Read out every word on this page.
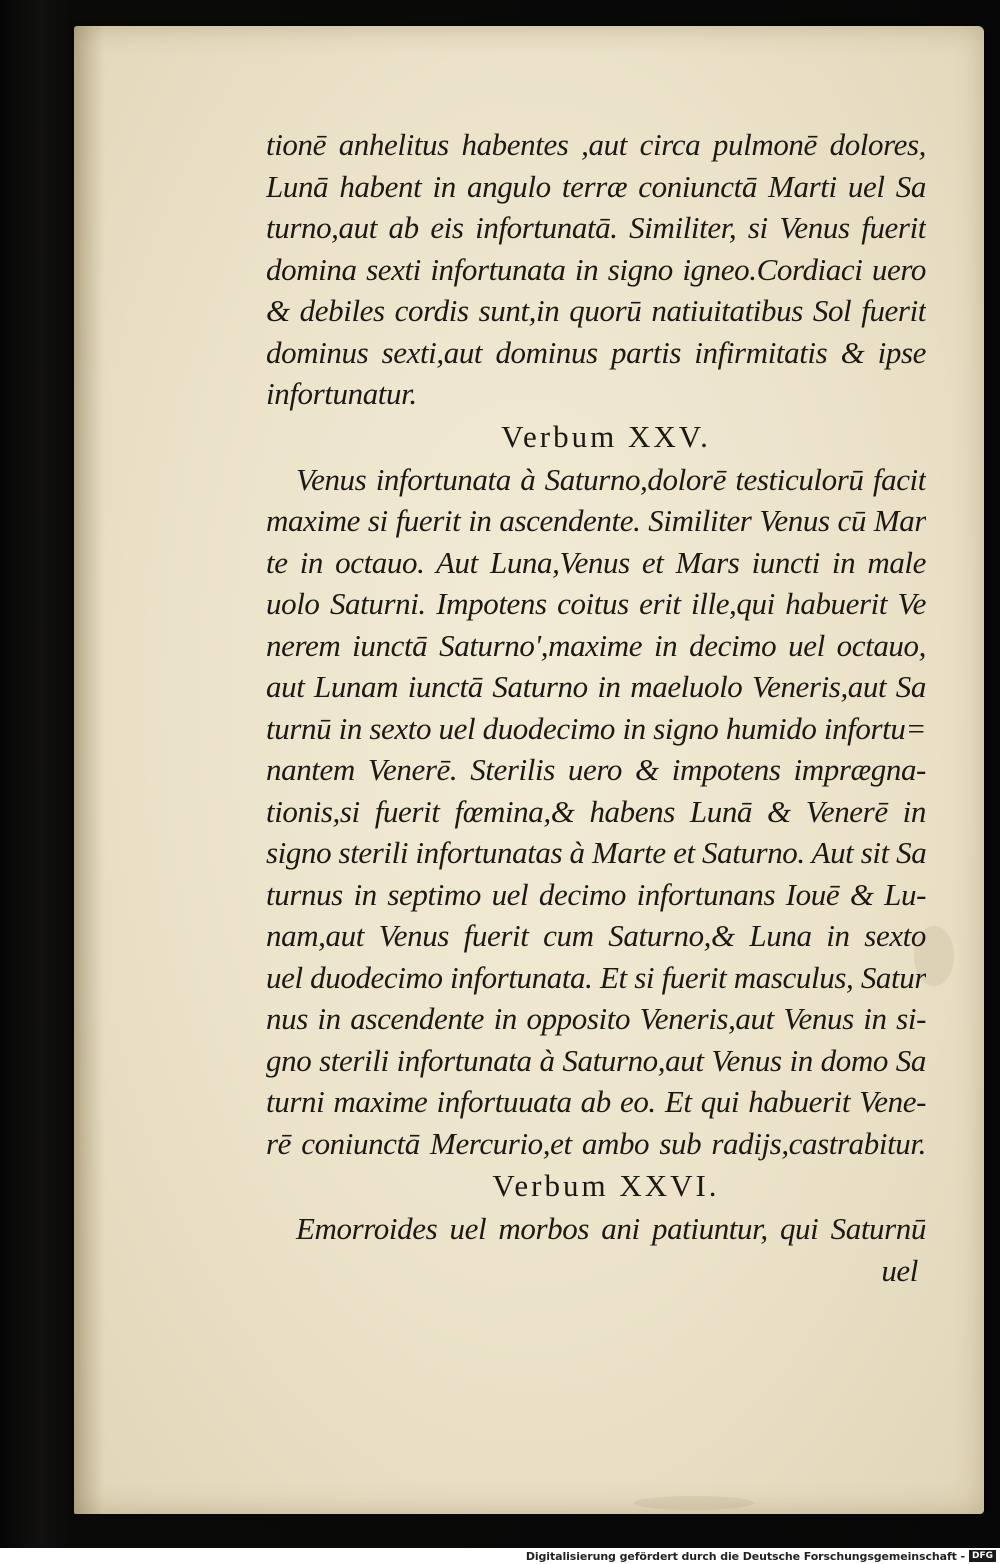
tionē anhelitus habentes ,aut circa pulmonē dolores,
Lunā habent in angulo terræ coniunctā Marti uel Sa
turno,aut ab eis infortunatā. Similiter, si Venus fuerit
domina sexti infortunata in signo igneo.Cordiaci uero
& debiles cordis sunt,in quorū natiuitatibus Sol fuerit
dominus sexti,aut dominus partis infirmitatis & ipse
infortunatur.
Verbum XXV.
Venus infortunata à Saturno,dolorē testiculorū facit
maxime si fuerit in ascendente. Similiter Venus cū Mar
te in octauo. Aut Luna,Venus et Mars iuncti in male
uolo Saturni. Impotens coitus erit ille,qui habuerit Ve
nerem iunctā Saturno',maxime in decimo uel octauo,
aut Lunam iunctā Saturno in maeluolo Veneris,aut Sa
turnū in sexto uel duodecimo in signo humido infortu=
nantem Venerē. Sterilis uero & impotens imprægna-
tionis,si fuerit fœmina,& habens Lunā & Venerē in
signo sterili infortunatas à Marte et Saturno. Aut sit Sa
turnus in septimo uel decimo infortunans Iouē & Lu-
nam,aut Venus fuerit cum Saturno,& Luna in sexto
uel duodecimo infortunata. Et si fuerit masculus, Satur
nus in ascendente in opposito Veneris,aut Venus in si-
gno sterili infortunata à Saturno,aut Venus in domo Sa
turni maxime infortuuata ab eo. Et qui habuerit Vene-
rē coniunctā Mercurio,et ambo sub radijs,castrabitur.
Verbum XXVI.
Emorroides uel morbos ani patiuntur, qui Saturnū
uel
Digitalisierung gefördert durch die Deutsche Forschungsgemeinschaft - DFG
